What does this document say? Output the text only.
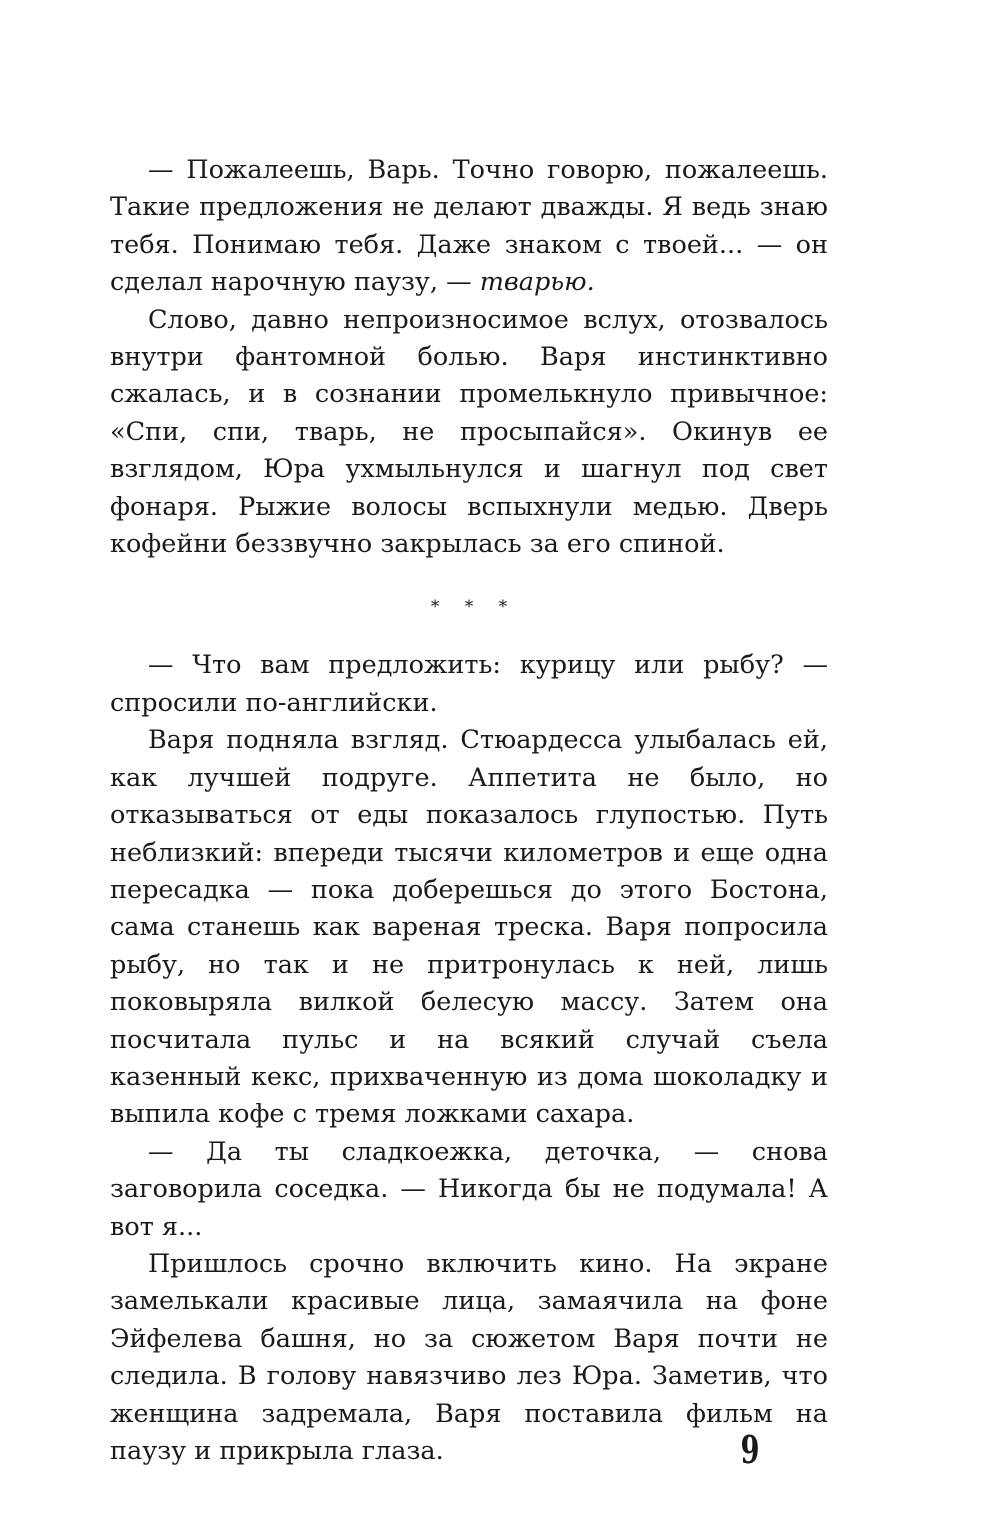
— Пожалеешь, Варь. Точно говорю, пожалеешь. Такие предложения не делают дважды. Я ведь знаю тебя. Понимаю тебя. Даже знаком с твоей... — он сделал нарочную паузу, — тварью.

Слово, давно непроизносимое вслух, отозвалось внутри фантомной болью. Варя инстинктивно сжалась, и в сознании промелькнуло привычное: «Спи, спи, тварь, не просыпайся». Окинув ее взглядом, Юра ухмыльнулся и шагнул под свет фонаря. Рыжие волосы вспыхнули медью. Дверь кофейни беззвучно закрылась за его спиной.

* * *

— Что вам предложить: курицу или рыбу? — спросили по-английски.

Варя подняла взгляд. Стюардесса улыбалась ей, как лучшей подруге. Аппетита не было, но отказываться от еды показалось глупостью. Путь неблизкий: впереди тысячи километров и еще одна пересадка — пока доберешься до этого Бостона, сама станешь как вареная треска. Варя попросила рыбу, но так и не притронулась к ней, лишь поковыряла вилкой белесую массу. Затем она посчитала пульс и на всякий случай съела казенный кекс, прихваченную из дома шоколадку и выпила кофе с тремя ложками сахара.

— Да ты сладкоежка, деточка, — снова заговорила соседка. — Никогда бы не подумала! А вот я...

Пришлось срочно включить кино. На экране замелькали красивые лица, замаячила на фоне Эйфелева башня, но за сюжетом Варя почти не следила. В голову навязчиво лез Юра. Заметив, что женщина задремала, Варя поставила фильм на паузу и прикрыла глаза.	9
